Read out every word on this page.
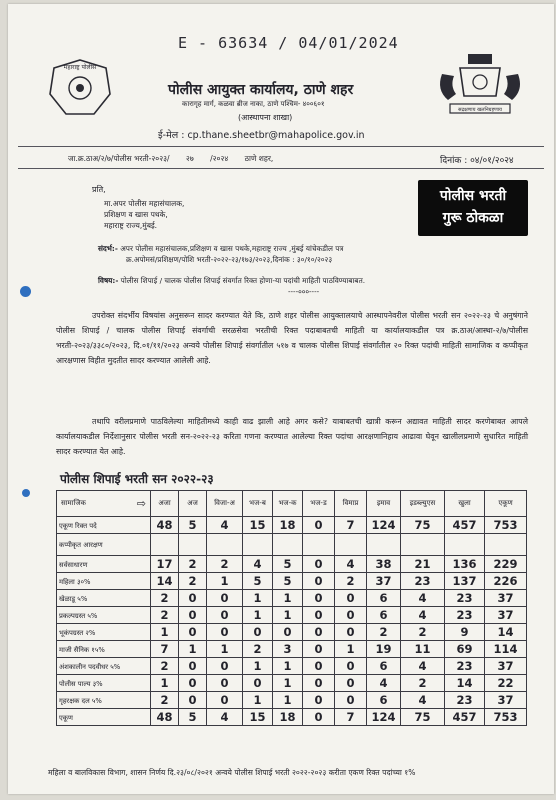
E - 63634 / 04/01/2024
महाराष्ट्र पोलीस
सद्रक्षणाय खलनिग्रहणाय
पोलीस आयुक्त कार्यालय, ठाणे शहर
कारागृह मार्ग, कळवा ब्रीज नाका, ठाणे पश्चिम- ४००६०१
(आस्थापना शाखा)
ई-मेल : cp.thane.sheetbr@mahapolice.gov.in
जा.क्र.ठाअ/२/७/पोलीस भरती-२०२३/ २७ /२०२४ ठाणे शहर,	दिनांक : ०४/०१/२०२४
प्रति,
मा.अपर पोलीस महासंचालक,
प्रशिक्षण व खास पथके,
महाराष्ट्र राज्य,मुंबई.
पोलीस भरती
गुरू ठोकळा
संदर्भ:- अपर पोलीस महासंचालक,प्रशिक्षण व खास पथके,महाराष्ट्र राज्य ,मुंबई यांचेकडील पत्र
क्र.अपोमसं/प्रशिक्षण/पोशि भरती-२०२२-२३/१७३/२०२३,दिनांक : ३०/१०/२०२३
विषय:- पोलीस शिपाई / चालक पोलीस शिपाई संवर्गात रिक्त होणा-या पदांची माहिती पाठविण्याबाबत.
----०००----
उपरोक्त संदर्भीय विषयांस अनुसरून सादर करण्यात येते कि, ठाणे शहर पोलीस आयुक्तालयाचे आस्थापनेवरील पोलीस भरती सन २०२२-२३ चे अनुषंगाने पोलीस शिपाई / चालक पोलीस शिपाई संवर्गाची सरळसेवा भरतीची रिक्त पदाबाबतची माहिती या कार्यालयाकडील पत्र क्र.ठाअ/आस्था-२/७/पोलीस भरती-२०२३/३३८०/२०२३, दि.०१/११/२०२३ अन्वये पोलीस शिपाई संवर्गातील ५१७ व चालक पोलीस शिपाई संवर्गातील २० रिक्त पदांची माहिती सामाजिक व कप्पीकृत आरक्षणास विहीत मुदतीत सादर करण्यात आलेली आहे.
तथापि वरीलप्रमाणे पाठविलेल्या माहितीमध्ये काही वाढ झाली आहे अगर कसे? याबाबतची खात्री करून अद्यावत माहिती सादर करणेबाबत आपले कार्यालयाकडील निर्देशानुसार पोलीस भरती सन-२०२२-२३ करिता गणना करण्यात आलेल्या रिक्त पदांचा आरक्षणानिहाय आढावा घेवून खालीलप्रमाणे सुधारित माहिती सादर करण्यात येत आहे.
पोलीस शिपाई भरती सन २०२२-२३
सामाजिक ⇨	अजा	अज	विजा-अ	भज-ब	भज-क	भज-ड	विमाप्र	इमाव	इडब्ल्युएस	खुला	एकूण
एकूण रिक्त पदे	48	5	4	15	18	0	7	124	75	457	753
कप्पीकृत आरक्षण											
सर्वसाधारण	17	2	2	4	5	0	4	38	21	136	229
महिला ३०%	14	2	1	5	5	0	2	37	23	137	226
खेळाडू ५%	2	0	0	1	1	0	0	6	4	23	37
प्रकल्पग्रस्त ५%	2	0	0	1	1	0	0	6	4	23	37
भूकंपग्रस्त २%	1	0	0	0	0	0	0	2	2	9	14
माजी सैनिक १५%	7	1	1	2	3	0	1	19	11	69	114
अंशकालीन पदवीधर ५%	2	0	0	1	1	0	0	6	4	23	37
पोलीस पाल्य ३%	1	0	0	0	1	0	0	4	2	14	22
गृहरक्षक दल ५%	2	0	0	1	1	0	0	6	4	23	37
एकूण	48	5	4	15	18	0	7	124	75	457	753
महिला व बालविकास विभाग, शासन निर्णय दि.२३/०८/२०२१ अन्वये पोलीस शिपाई भरती २०२२-२०२३ करीता एकण रिक्त पदांच्या १%
